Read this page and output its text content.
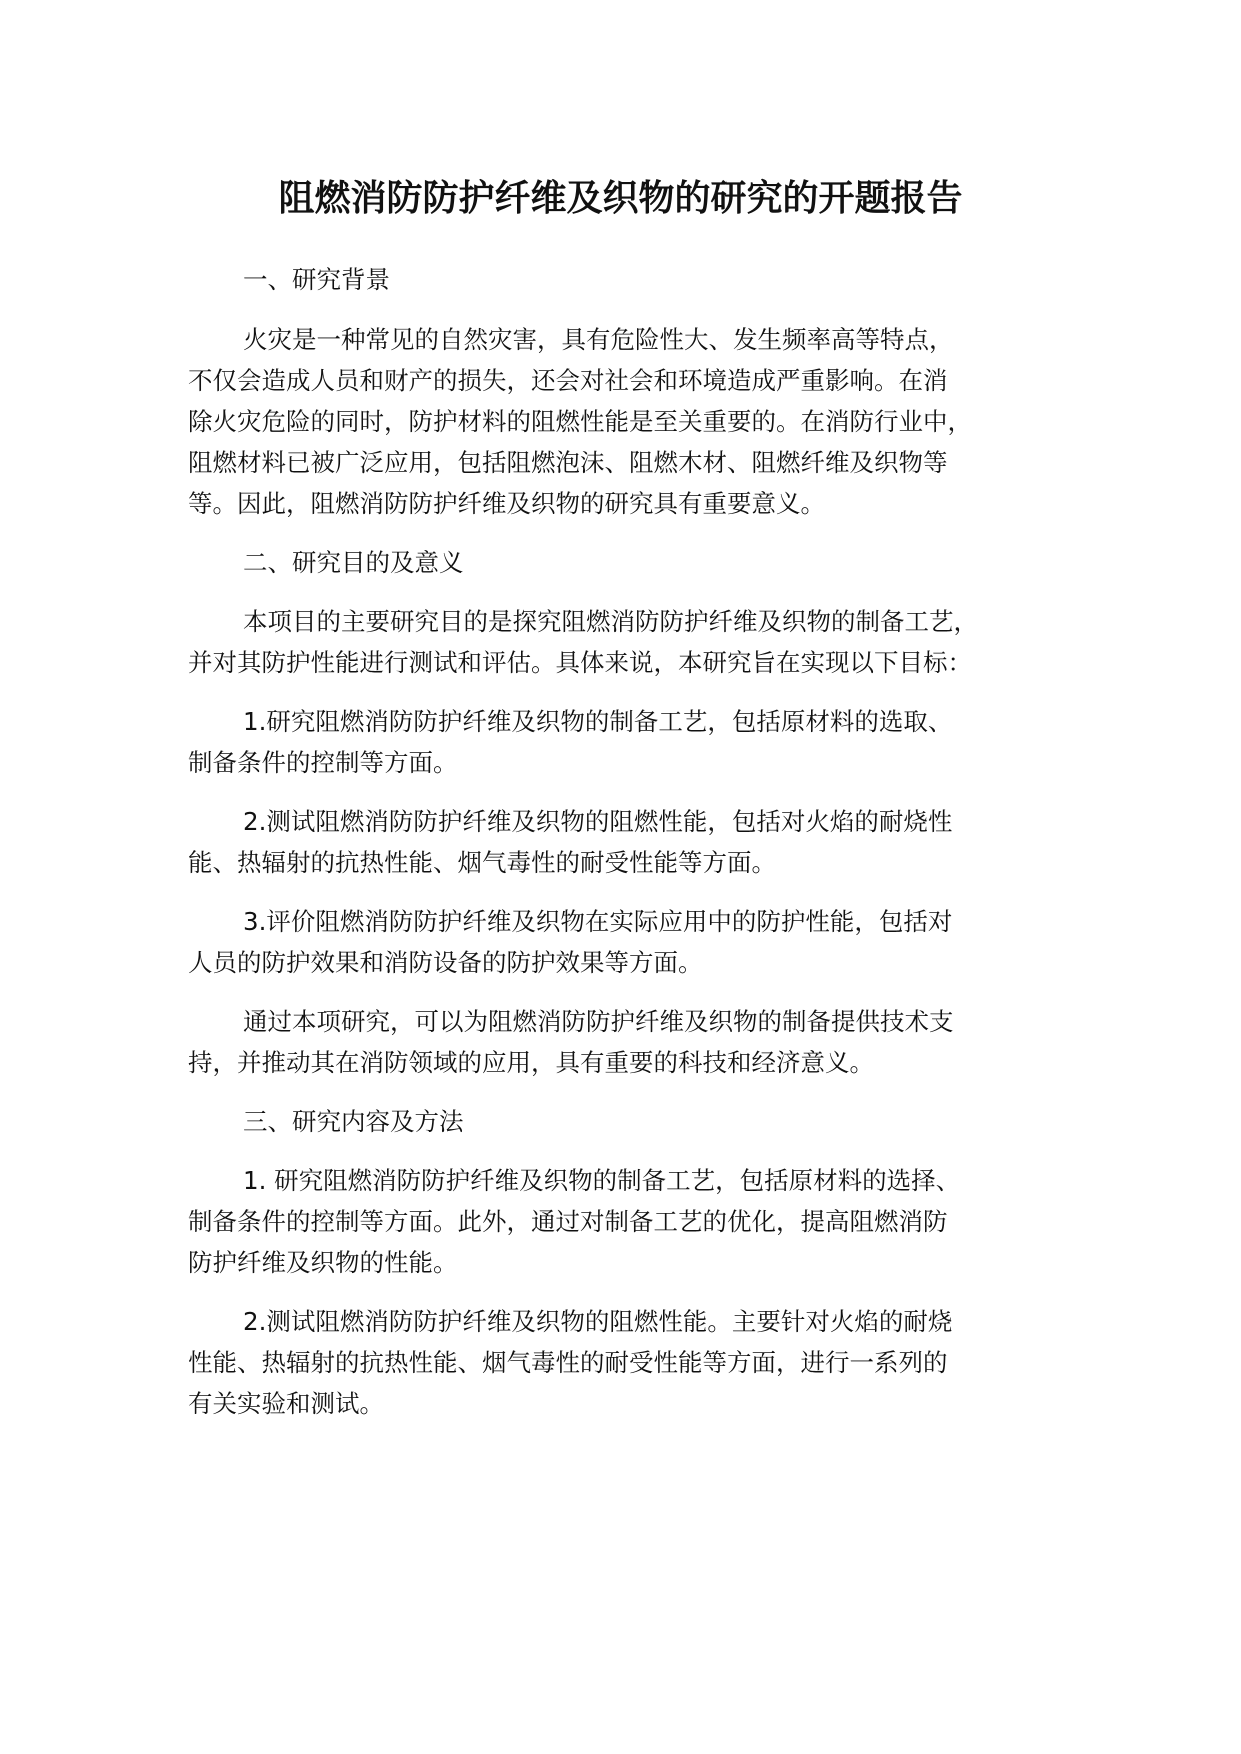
阻燃消防防护纤维及织物的研究的开题报告
一、研究背景
火灾是一种常见的自然灾害，具有危险性大、发生频率高等特点，
不仅会造成人员和财产的损失，还会对社会和环境造成严重影响。在消
除火灾危险的同时，防护材料的阻燃性能是至关重要的。在消防行业中，
阻燃材料已被广泛应用，包括阻燃泡沫、阻燃木材、阻燃纤维及织物等
等。因此，阻燃消防防护纤维及织物的研究具有重要意义。
二、研究目的及意义
本项目的主要研究目的是探究阻燃消防防护纤维及织物的制备工艺，
并对其防护性能进行测试和评估。具体来说，本研究旨在实现以下目标：
1.研究阻燃消防防护纤维及织物的制备工艺，包括原材料的选取、
制备条件的控制等方面。
2.测试阻燃消防防护纤维及织物的阻燃性能，包括对火焰的耐烧性
能、热辐射的抗热性能、烟气毒性的耐受性能等方面。
3.评价阻燃消防防护纤维及织物在实际应用中的防护性能，包括对
人员的防护效果和消防设备的防护效果等方面。
通过本项研究，可以为阻燃消防防护纤维及织物的制备提供技术支
持，并推动其在消防领域的应用，具有重要的科技和经济意义。
三、研究内容及方法
1. 研究阻燃消防防护纤维及织物的制备工艺，包括原材料的选择、
制备条件的控制等方面。此外，通过对制备工艺的优化，提高阻燃消防
防护纤维及织物的性能。
2.测试阻燃消防防护纤维及织物的阻燃性能。主要针对火焰的耐烧
性能、热辐射的抗热性能、烟气毒性的耐受性能等方面，进行一系列的
有关实验和测试。
